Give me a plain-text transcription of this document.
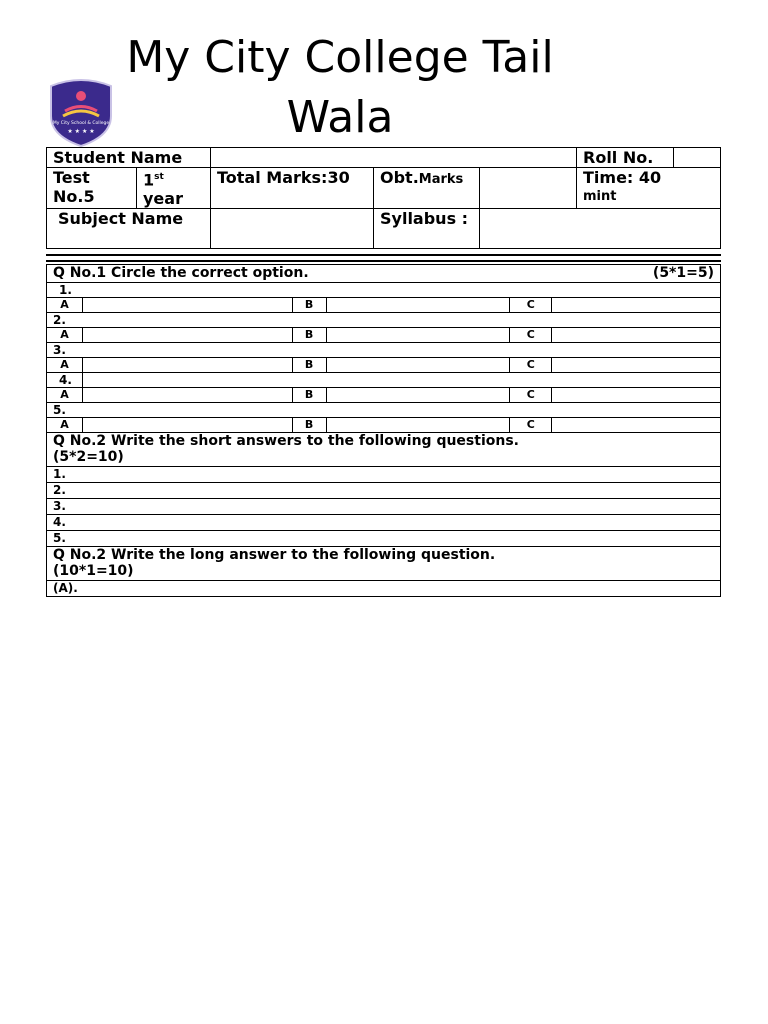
My City College Tail Wala
My City School & College
★ ★ ★ ★
Student Name					Roll No.	
Test No.5	1st year	Total Marks:30	Obt.Marks		Time: 40
mint	

Subject Name			Syllabus :			
Q No.1 Circle the correct option. (5*1=5)					

1.					
A		B		C	
2.					
A		B		C	
3.					
A		B		C	
4.					
A		B		C	
5.					
A		B		C	

Q No.2 Write the short answers to the following questions.
(5*2=10)					

1.					
2.					
3.					
4.					
5.					

Q No.2 Write the long answer to the following question.
(10*1=10)					

(A).					
